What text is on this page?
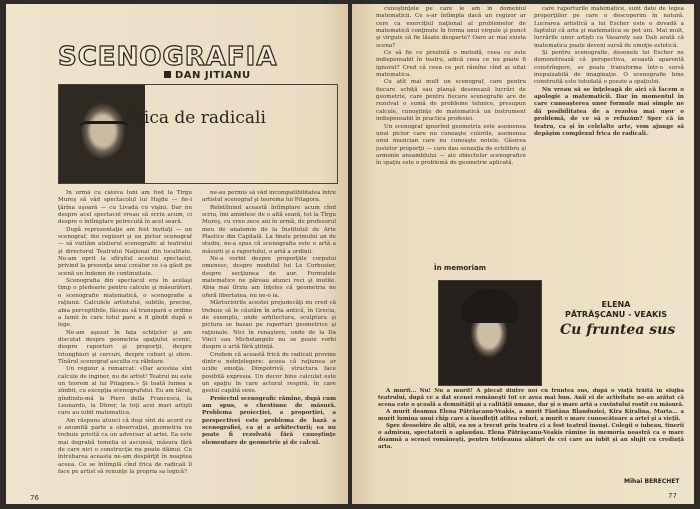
SCENOGRAFIA
DAN JITIANU
Frica de radicali

În urmă cu câteva luni am fost la Tîrgu Mureş să văd spectacolul lui Hajdu — fie-i ţărîna uşoară — cu Livada cu vişini. Dar nu despre acel spectacol vreau să scriu acum, ci despre o întîmplare petrecută în acel seară.

După reprezentaţie am fost invitaţi — un scenograf, doi regizori şi un pictor scenograf — să vizităm atelierul scenografic al teatrului şi directorul Teatrului Naţional din localitate. Ne-am oprit la sfîrşitul acestui spectacol, privind la prezenţa unui creator ce i-a găsit pe scenă un îndemn de continuitate.

Scenografia din spectacol era în acelaşi timp o pledoarie pentru calcule şi măsurători, o scenografie matematică, o scenografie a raţiunii. Calculele artistului, subtile, precise, abia perceptibile, făceau să transpară o ordine a lumii în care totul pare a fi gîndit după o lege.

Ne-am aşezat în faţa schiţelor şi am discutat despre geometria spaţiului scenic, despre raporturi şi proporţii, despre triunghiuri şi cercuri, despre cuburi şi sfere. Tînărul scenograf asculta cu răbdare.

Un regizor a remarcat: «Dar acestea sînt calcule de inginer, nu de artist! Teatrul nu este un teorem al lui Pitagora.» Şi toată lumea a zîmbit, cu excepţia scenografului. Eu am tăcut, gîndindu-mă la Piero della Francesca, la Leonardo, la Dürer, la toţi acei mari artişti care au iubit matematica.

Am răspuns atunci că deşi sînt de acord cu o anumită parte a observaţiei, geometria nu trebuie privită ca un adversar al artei. Ea este mai degrabă temelia ei ascunsă, măsura fără de care nici o construcţie nu poate dăinui. Cu întrebarea aceasta ne-am despărţit în noaptea aceea. Ce se întîmplă cînd frica de radicali îl face pe artist să renunţe la propria sa logică?

ne-au permis să văd incompatibilitatea între artistul scenograf şi teorema lui Pitagora.

Reîntîlnind această întîmplare acum cînd scriu, îmi amintesc de o altă seară, tot la Tîrgu Mureş, cu vreo zece ani în urmă, de profesorul meu de anatomie de la Institutul de Arte Plastice din Capitală. La finele primului an de studiu, ne-a spus că scenografia este o artă a măsurii şi a raportului, o artă a ordinii.

Ne-a vorbit despre proporţiile corpului omenesc, despre modulul lui Le Corbusier, despre secţiunea de aur. Formulele matematice ne păreau atunci reci şi inutile. Abia mai tîrziu am înţeles că geometria ne oferă libertatea, nu ne-o ia.

Mărturisirile acestei prejudecăţi nu cred că trebuie să le căutăm în arta antică, în Grecia, de exemplu, unde arhitectura, sculptura şi pictura se bazau pe raporturi geometrice şi raţionale. Nici în renaştere, unde de la Da Vinci sau Michelangelo nu se poate vorbi despre o artă fără ştiinţă.

Credem că această frică de radicali provine dintr-o neînţelegere: aceea că raţiunea ar ucide emoţia. Dimpotrivă, structura face posibilă expresia. Un decor bine calculat este un spaţiu în care actorul respiră, în care gestul capătă sens.

Proiectul scenografic rămîne, după cum am spus, o chestiune de măsură. Problema proiecţiei, a proporţiei, a perspectivei este problema de bază a scenografiei, ca şi a arhitecturii; ea nu poate fi rezolvată fără cunoştinţe elementare de geometrie şi de calcul.

76

cunoştinţele pe care le am în domeniul matematicii. Ce s-ar întîmpla dacă un regizor ar cere ca exerciţiul naţional al problemelor de matematică conţinute în forma unui virgule şi punct şi virgule să fie lăsate deoparte? Oare ar mai exista scena?

Ce să fie ce prezintă o metodă, ceea ce este indispensabil în teatru, adică ceea ce nu poate fi ignorat? Cred că ceea ce pot rămîne cînd ai uitat matematica.

Cu atît mai mult un scenograf, care pentru fiecare schiţă sau planşă desenează lucrări de geometrie, care pentru fiecare scenografie are de rezolvat o sumă de probleme tehnice, presupun calcule, cunoştinţe de matematică un instrument indispensabil în practica profesiei.

Un scenograf ignorînd geometria este asemenea unui pictor care nu cunoaşte culorile, asemenea unui muzician care nu cunoaşte notele. Găsirea justelor proporţii — care dau senzaţia de echilibru şi armonie ansamblului — ale obiectelor scenografice în spaţiu este o problemă de geometrie aplicată.

care raporturile matematice, sunt date de legea proporţiilor pe care o descoperim în natură. Lucrarea artistică a lui Escher este o dovadă a faptului că arta şi matematica se pot uni. Mai mult, lucrările unor artişti ca Vasarely sau Dali arată că matematica poate deveni sursă de emoţie estetică.

Şi pentru scenografie, desenele lui Escher ne demonstrează că perspectiva, această aparentă constrîngere, se poate transforma într-o sursă inepuizabilă de imaginaţie. O scenografie bine construită este totodată o poezie a spaţiului.

Nu vreau să se înţeleagă de aici că facem o apologie a matematicii. Dar în momentul în care cunoaşterea unor formule mai simple ne dă posibilitatea de a rezolva mai uşor o problemă, de ce să o refuzăm? Sper că în teatru, ca şi în celelalte arte, vom ajunge să depăşim complexul frica de radicali.

În memoriam
ELENA
PĂTRĂŞCANU - VEAKIS
Cu fruntea sus

A murit... Nu! Nu a murit! A plecat dintre noi cu fruntea sus, după o viaţă trăită în slujba teatrului, după ce a dat scenei româneşti tot ce avea mai bun. Anii ei de activitate ne-au arătat că scena este o şcoală a demnităţii şi a calităţii umane, dar şi o mare artă a cuvîntului rostit cu măsură.

A murit doamna Elena Pătrăşcanu-Veakis, a murit Fântâna Blanduziei, Kira Kiralina, Marta... a murit lumina unui chip care a însufleţit atîtea roluri, a murit o mare cunoscătoare a artei şi a vieţii.

Spre deosebire de alţii, ea nu a trecut prin teatru ci a fost teatrul însuşi. Colegii o iubeau, tinerii o admirau, spectatorii o aplaudau. Elena Pătrăşcanu-Veakis rămîne în memoria noastră ca o mare doamnă a scenei româneşti, pentru totdeauna alături de cei care au iubit şi au slujit cu credinţă arta.

Mihai BERECHET
77
